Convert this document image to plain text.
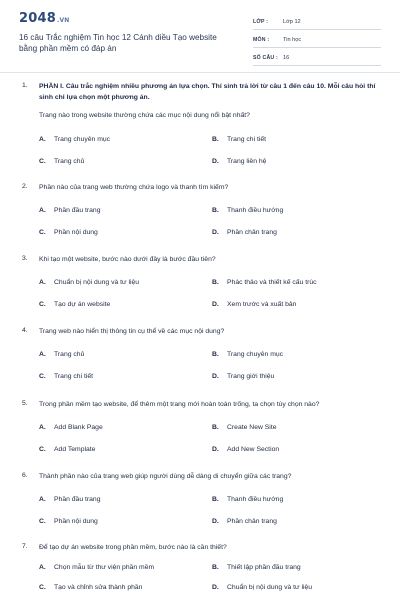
2048.VN
16 câu Trắc nghiệm Tin học 12 Cánh diều Tạo website bằng phần mềm có đáp án
LỚP :	Lớp 12
MÔN :	Tin học
SỐ CÂU : 16
1. PHẦN I. Câu trắc nghiệm nhiều phương án lựa chọn. Thí sinh trả lời từ câu 1 đến câu 10. Mỗi câu hỏi thí sinh chỉ lựa chọn một phương án.
Trang nào trong website thường chứa các mục nội dung nổi bật nhất?
A. Trang chuyên mục	B. Trang chi tiết
C. Trang chủ	D. Trang liên hệ
2. Phần nào của trang web thường chứa logo và thanh tìm kiếm?
A. Phần đầu trang	B. Thanh điều hướng
C. Phần nội dung	D. Phần chân trang
3. Khi tạo một website, bước nào dưới đây là bước đầu tiên?
A. Chuẩn bị nội dung và tư liệu	B. Phác thảo và thiết kế cấu trúc
C. Tạo dự án website	D. Xem trước và xuất bản
4. Trang web nào hiển thị thông tin cụ thể về các mục nội dung?
A. Trang chủ	B. Trang chuyên mục
C. Trang chi tiết	D. Trang giới thiệu
5. Trong phần mềm tạo website, để thêm một trang mới hoàn toàn trống, ta chọn tùy chọn nào?
A. Add Blank Page	B. Create New Site
C. Add Template	D. Add New Section
6. Thành phần nào của trang web giúp người dùng dễ dàng di chuyển giữa các trang?
A. Phần đầu trang	B. Thanh điều hướng
C. Phần nội dung	D. Phần chân trang
7. Để tạo dự án website trong phần mềm, bước nào là cần thiết?
A. Chọn mẫu từ thư viện phần mềm	B. Thiết lập phần đầu trang
C. Tạo và chỉnh sửa thành phần	D. Chuẩn bị nội dung và tư liệu
